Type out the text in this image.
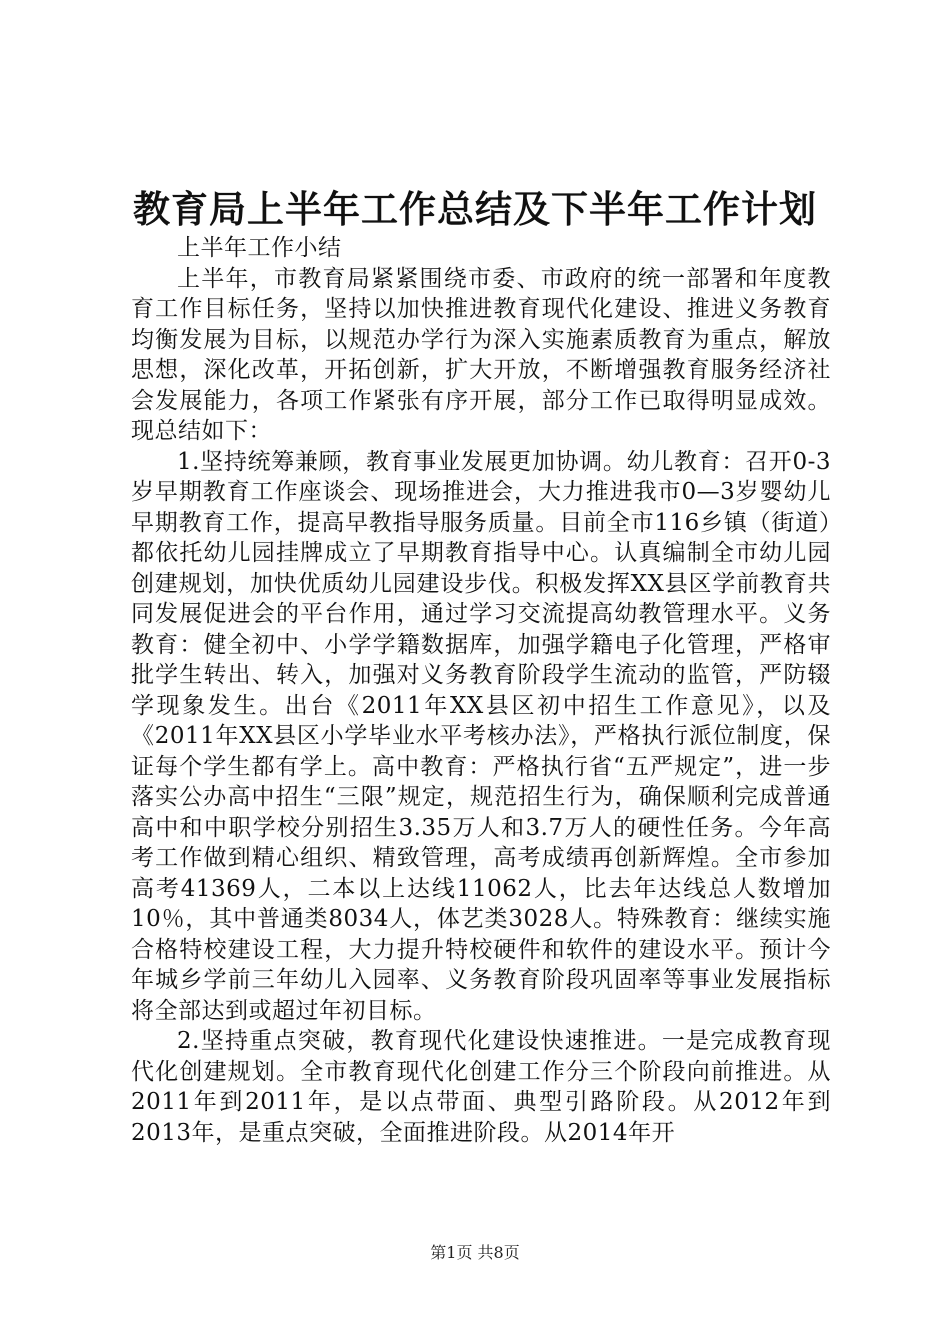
教育局上半年工作总结及下半年工作计划

上半年工作小结

上半年，市教育局紧紧围绕市委、市政府的统一部署和年度教育工作目标任务，坚持以加快推进教育现代化建设、推进义务教育均衡发展为目标，以规范办学行为深入实施素质教育为重点，解放思想，深化改革，开拓创新，扩大开放，不断增强教育服务经济社会发展能力，各项工作紧张有序开展，部分工作已取得明显成效。现总结如下：

1.坚持统筹兼顾，教育事业发展更加协调。幼儿教育：召开0-3岁早期教育工作座谈会、现场推进会，大力推进我市0—3岁婴幼儿早期教育工作，提高早教指导服务质量。目前全市116乡镇（街道）都依托幼儿园挂牌成立了早期教育指导中心。认真编制全市幼儿园创建规划，加快优质幼儿园建设步伐。积极发挥XX县区学前教育共同发展促进会的平台作用，通过学习交流提高幼教管理水平。义务教育：健全初中、小学学籍数据库，加强学籍电子化管理，严格审批学生转出、转入，加强对义务教育阶段学生流动的监管，严防辍学现象发生。出台《2011年XX县区初中招生工作意见》，以及《2011年XX县区小学毕业水平考核办法》，严格执行派位制度，保证每个学生都有学上。高中教育：严格执行省“五严规定”，进一步落实公办高中招生“三限”规定，规范招生行为，确保顺利完成普通高中和中职学校分别招生3.35万人和3.7万人的硬性任务。今年高考工作做到精心组织、精致管理，高考成绩再创新辉煌。全市参加高考41369人，二本以上达线11062人，比去年达线总人数增加10％，其中普通类8034人，体艺类3028人。特殊教育：继续实施合格特校建设工程，大力提升特校硬件和软件的建设水平。预计今年城乡学前三年幼儿入园率、义务教育阶段巩固率等事业发展指标将全部达到或超过年初目标。

2.坚持重点突破，教育现代化建设快速推进。一是完成教育现代化创建规划。全市教育现代化创建工作分三个阶段向前推进。从2011年到2011年，是以点带面、典型引路阶段。从2012年到2013年，是重点突破，全面推进阶段。从2014年开

第1页 共8页
